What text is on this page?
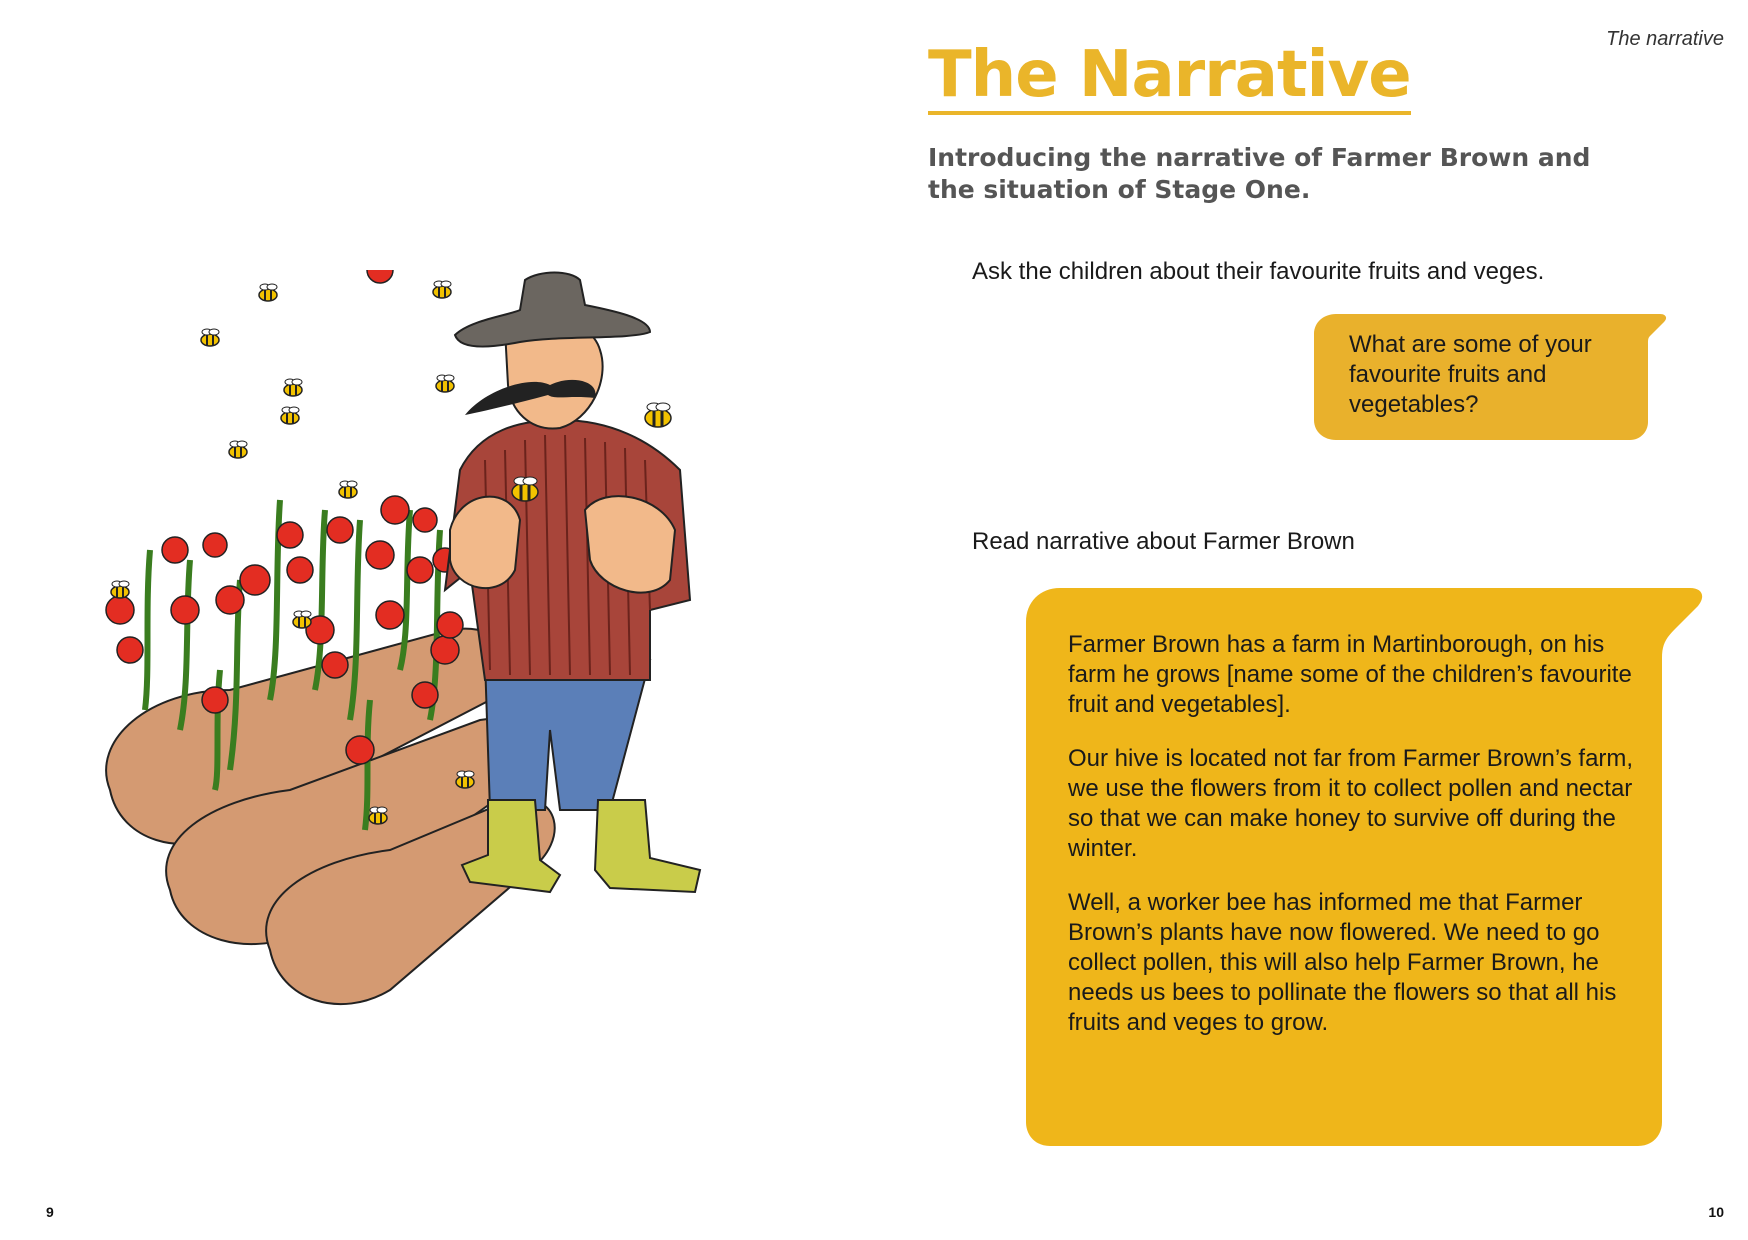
9
The narrative
The Narrative
Introducing the narrative of Farmer Brown and the situation of Stage One.
Ask the children about their favourite fruits and veges.
What are some of your favourite fruits and vegetables?
Read narrative about Farmer Brown

Farmer Brown has a farm in Martinborough, on his farm he grows [name some of the children’s favourite fruit and vegetables].

Our hive is located not far from Farmer Brown’s farm, we use the flowers from it to collect pollen and nectar so that we can make honey to survive off during the winter.

Well, a worker bee has informed me that Farmer Brown’s plants have now flowered. We need to go collect pollen, this will also help Farmer Brown, he needs us bees to pollinate the flowers so that all his fruits and veges to grow.

10
